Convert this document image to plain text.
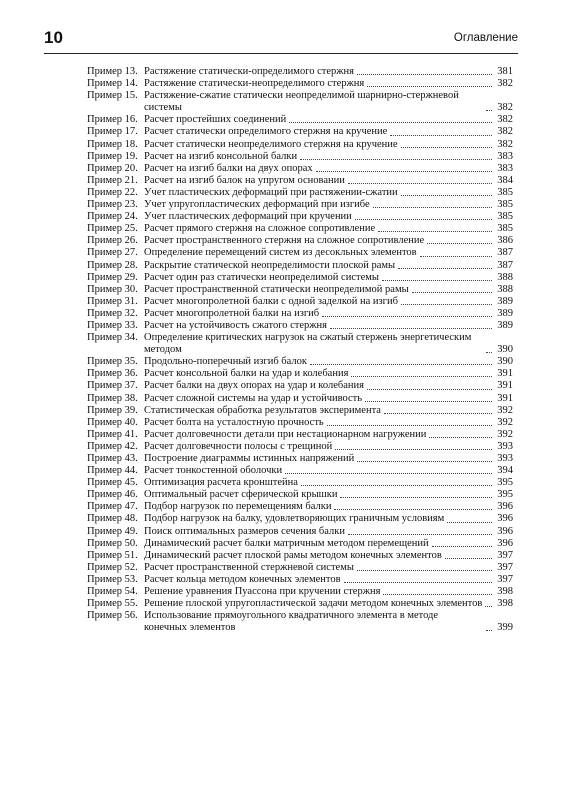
10	Оглавление
Пример 13. Растяжение статически-определимого стержня	381
Пример 14. Растяжение статически-неопределимого стержня	382
Пример 15. Растяжение-сжатие статически неопределимой шарнирно-стержневой системы	382
Пример 16. Расчет простейших соединений	382
Пример 17. Расчет статически определимого стержня на кручение	382
Пример 18. Расчет статически неопределимого стержня на кручение	382
Пример 19. Расчет на изгиб консольной балки	383
Пример 20. Расчет на изгиб балки на двух опорах	383
Пример 21. Расчет на изгиб балок на упругом основании	384
Пример 22. Учет пластических деформаций при растяжении-сжатии	385
Пример 23. Учет упругопластических деформаций при изгибе	385
Пример 24. Учет пластических деформаций при кручении	385
Пример 25. Расчет прямого стержня на сложное сопротивление	385
Пример 26. Расчет пространственного стержня на сложное сопротивление	386
Пример 27. Определение перемещений систем из десокльных элементов	387
Пример 28. Раскрытие статической неопределимости плоской рамы	387
Пример 29. Расчет один раз статически неопределимой системы	388
Пример 30. Расчет пространственной статически неопределимой рамы	388
Пример 31. Расчет многопролетной балки с одной заделкой на изгиб	389
Пример 32. Расчет многопролетной балки на изгиб	389
Пример 33. Расчет на устойчивость сжатого стержня	389
Пример 34. Определение критических нагрузок на сжатый стержень энергетическим методом	390
Пример 35. Продольно-поперечный изгиб балок	390
Пример 36. Расчет консольной балки на удар и колебания	391
Пример 37. Расчет балки на двух опорах на удар и колебания	391
Пример 38. Расчет сложной системы на удар и устойчивость	391
Пример 39. Статистическая обработка результатов эксперимента	392
Пример 40. Расчет болта на усталостную прочность	392
Пример 41. Расчет долговечности детали при нестационарном нагружении	392
Пример 42. Расчет долговечности полосы с трещиной	393
Пример 43. Построение диаграммы истинных напряжений	393
Пример 44. Расчет тонкостенной оболочки	394
Пример 45. Оптимизация расчета кронштейна	395
Пример 46. Оптимальный расчет сферической крышки	395
Пример 47. Подбор нагрузок по перемещениям балки	396
Пример 48. Подбор нагрузок на балку, удовлетворяющих граничным условиям	396
Пример 49. Поиск оптимальных размеров сечения балки	396
Пример 50. Динамический расчет балки матричным методом перемещений	396
Пример 51. Динамический расчет плоской рамы методом конечных элементов	397
Пример 52. Расчет пространственной стержневой системы	397
Пример 53. Расчет кольца методом конечных элементов	397
Пример 54. Решение уравнения Пуассона при кручении стержня	398
Пример 55. Решение плоской упругопластической задачи методом конечных элементов 398
Пример 56. Использование прямоугольного квадратичного элемента в методе конечных элементов	399
